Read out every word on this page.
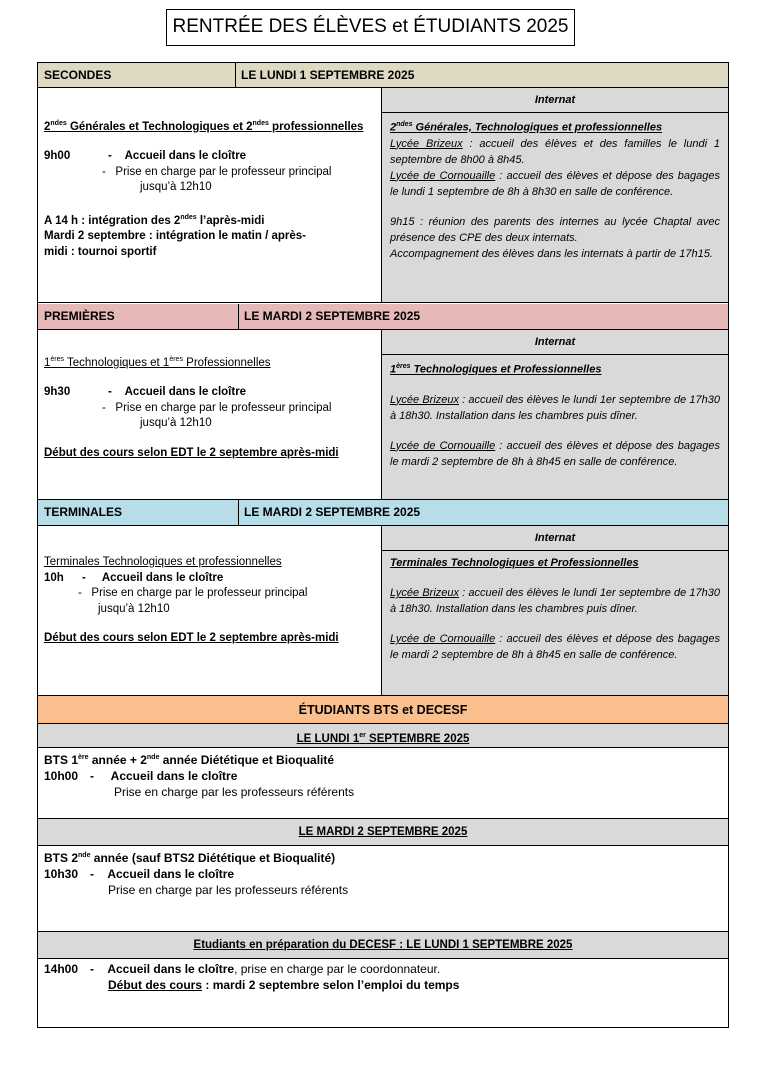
RENTRÉE DES ÉLÈVES et ÉTUDIANTS 2025
SECONDES	LE LUNDI 1 SEPTEMBRE 2025

$2^{ndes}$ Générales et Technologiques et $2^{ndes}$ professionnelles

9h00	- Accueil dans le cloître

-   Prise en charge par le professeur principal

jusqu’à 12h10

A 14 h : intégration des $2^{ndes}$ l’après-midi

Mardi 2 septembre : intégration le matin / après-

midi : tournoi sportif

Internat

$2^{ndes}$ Générales, Technologiques et professionnelles

Lycée Brizeux : accueil des élèves et des familles le lundi 1 septembre de 8h00 à 8h45.

Lycée de Cornouaille : accueil des élèves et dépose des bagages le lundi 1 septembre de 8h à 8h30 en salle de conférence.

9h15 : réunion des parents des internes au lycée Chaptal avec présence des CPE des deux internats.

Accompagnement des élèves dans les internats à partir de 17h15.

PREMIÈRES	LE MARDI 2 SEPTEMBRE 2025

1ères Technologiques et 1ères Professionnelles

9h30	- Accueil dans le cloître

-   Prise en charge par le professeur principal

jusqu’à 12h10

Début des cours selon EDT le 2 septembre après-midi

Internat

1ères Technologiques et Professionnelles

Lycée Brizeux : accueil des élèves le lundi 1er septembre de 17h30 à 18h30. Installation dans les chambres puis dîner.

Lycée de Cornouaille : accueil des élèves et dépose des bagages le mardi 2 septembre de 8h à 8h45 en salle de conférence.

TERMINALES	LE MARDI 2 SEPTEMBRE 2025

Terminales Technologiques et professionnelles

10h - Accueil dans le cloître

-   Prise en charge par le professeur principal

jusqu’à 12h10

Début des cours selon EDT le 2 septembre après-midi

Internat

Terminales Technologiques et Professionnelles

Lycée Brizeux : accueil des élèves le lundi 1er septembre de 17h30 à 18h30. Installation dans les chambres puis dîner.

Lycée de Cornouaille : accueil des élèves et dépose des bagages le mardi 2 septembre de 8h à 8h45 en salle de conférence.

ÉTUDIANTS BTS et DECESF
LE LUNDI 1er SEPTEMBRE 2025

BTS 1ère année + 2nde année Diététique et Bioqualité

10h00 - Accueil dans le cloître

Prise en charge par les professeurs référents

LE MARDI 2 SEPTEMBRE 2025

BTS 2nde année (sauf BTS2 Diététique et Bioqualité)

10h30 - Accueil dans le cloître

Prise en charge par les professeurs référents

Etudiants en préparation du DECESF : LE LUNDI 1 SEPTEMBRE 2025

14h00 - Accueil dans le cloître, prise en charge par le coordonnateur.

Début des cours : mardi 2 septembre selon l’emploi du temps
